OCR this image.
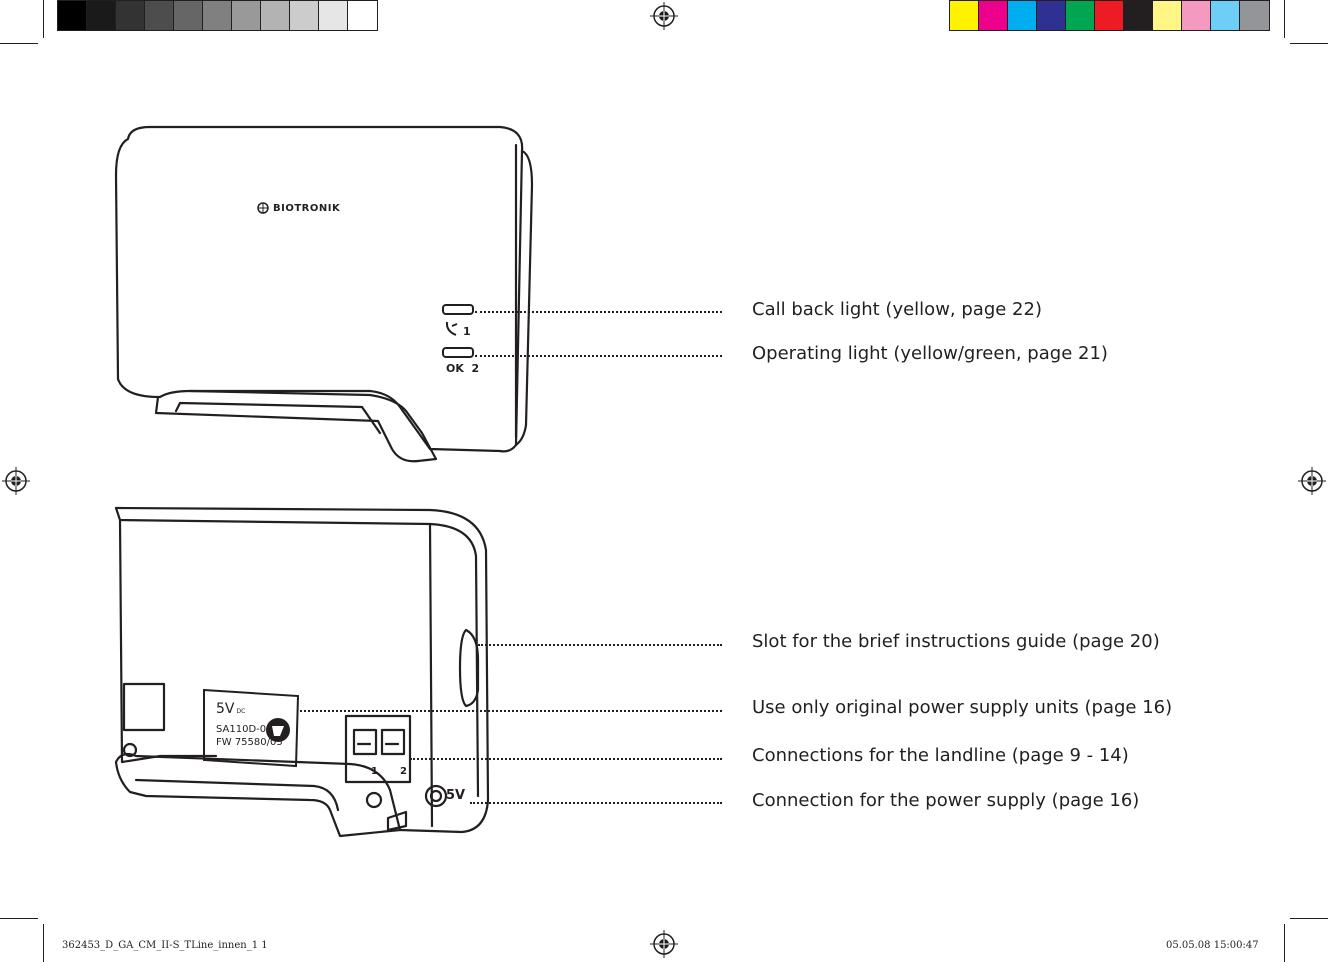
362453_D_GA_CM_II-S_TLine_innen_1 1	05.05.08 15:00:47
BIOTRONIK
1
OK  2
5V DC
SA110D-05
FW 75580/05
1 2
5V
Call back light (yellow, page 22)
Operating light (yellow/green, page 21)
Slot for the brief instructions guide (page 20)
Use only original power supply units (page 16)
Connections for the landline (page 9 - 14)
Connection for the power supply (page 16)
